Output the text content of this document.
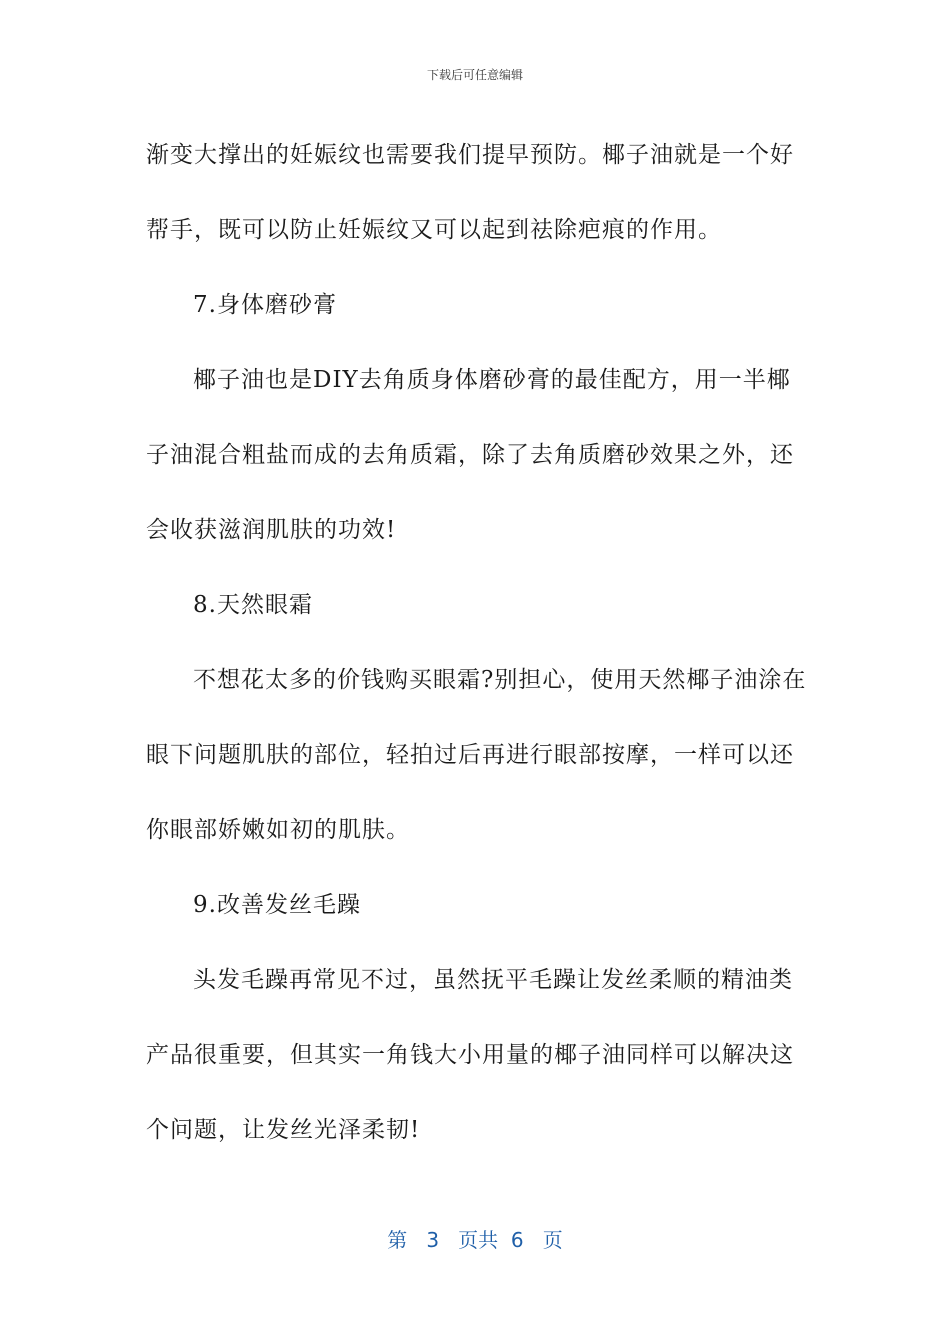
下载后可任意编辑
渐变大撑出的妊娠纹也需要我们提早预防。椰子油就是一个好
帮手，既可以防止妊娠纹又可以起到祛除疤痕的作用。
7.身体磨砂膏
椰子油也是DIY去角质身体磨砂膏的最佳配方，用一半椰
子油混合粗盐而成的去角质霜，除了去角质磨砂效果之外，还
会收获滋润肌肤的功效!
8.天然眼霜
不想花太多的价钱购买眼霜?别担心，使用天然椰子油涂在
眼下问题肌肤的部位，轻拍过后再进行眼部按摩，一样可以还
你眼部娇嫩如初的肌肤。
9.改善发丝毛躁
头发毛躁再常见不过，虽然抚平毛躁让发丝柔顺的精油类
产品很重要，但其实一角钱大小用量的椰子油同样可以解决这
个问题，让发丝光泽柔韧!
第 3 页共 6 页
